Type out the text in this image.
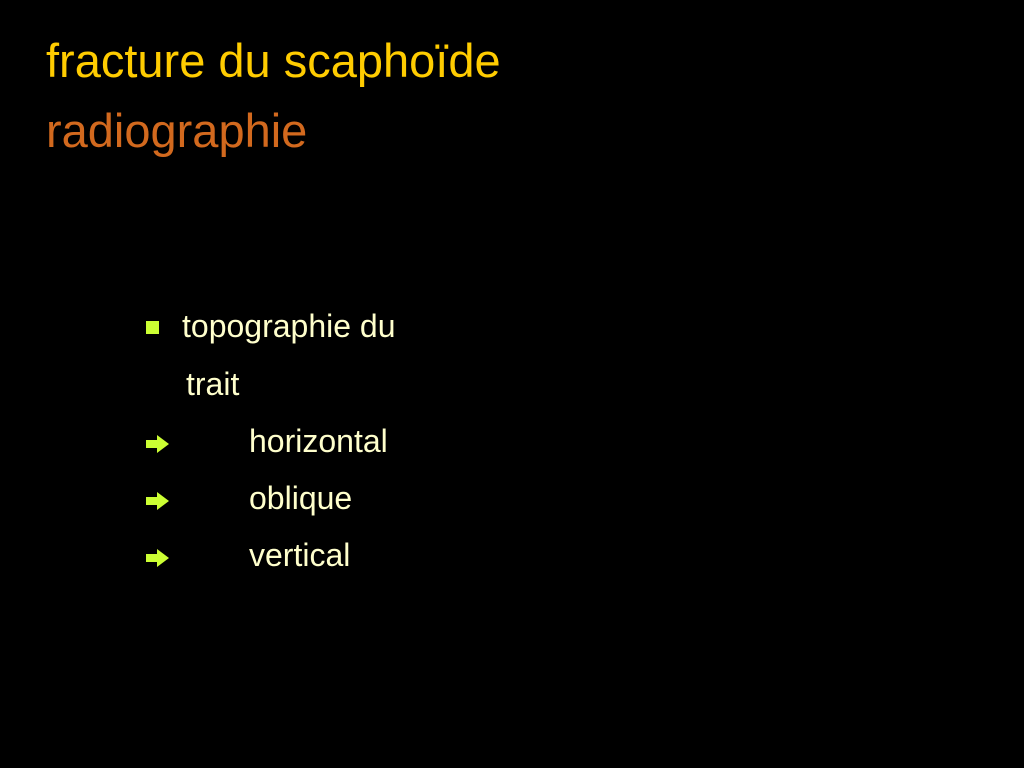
fracture du scaphoïde
radiographie
topographie du
trait
horizontal
oblique
vertical
